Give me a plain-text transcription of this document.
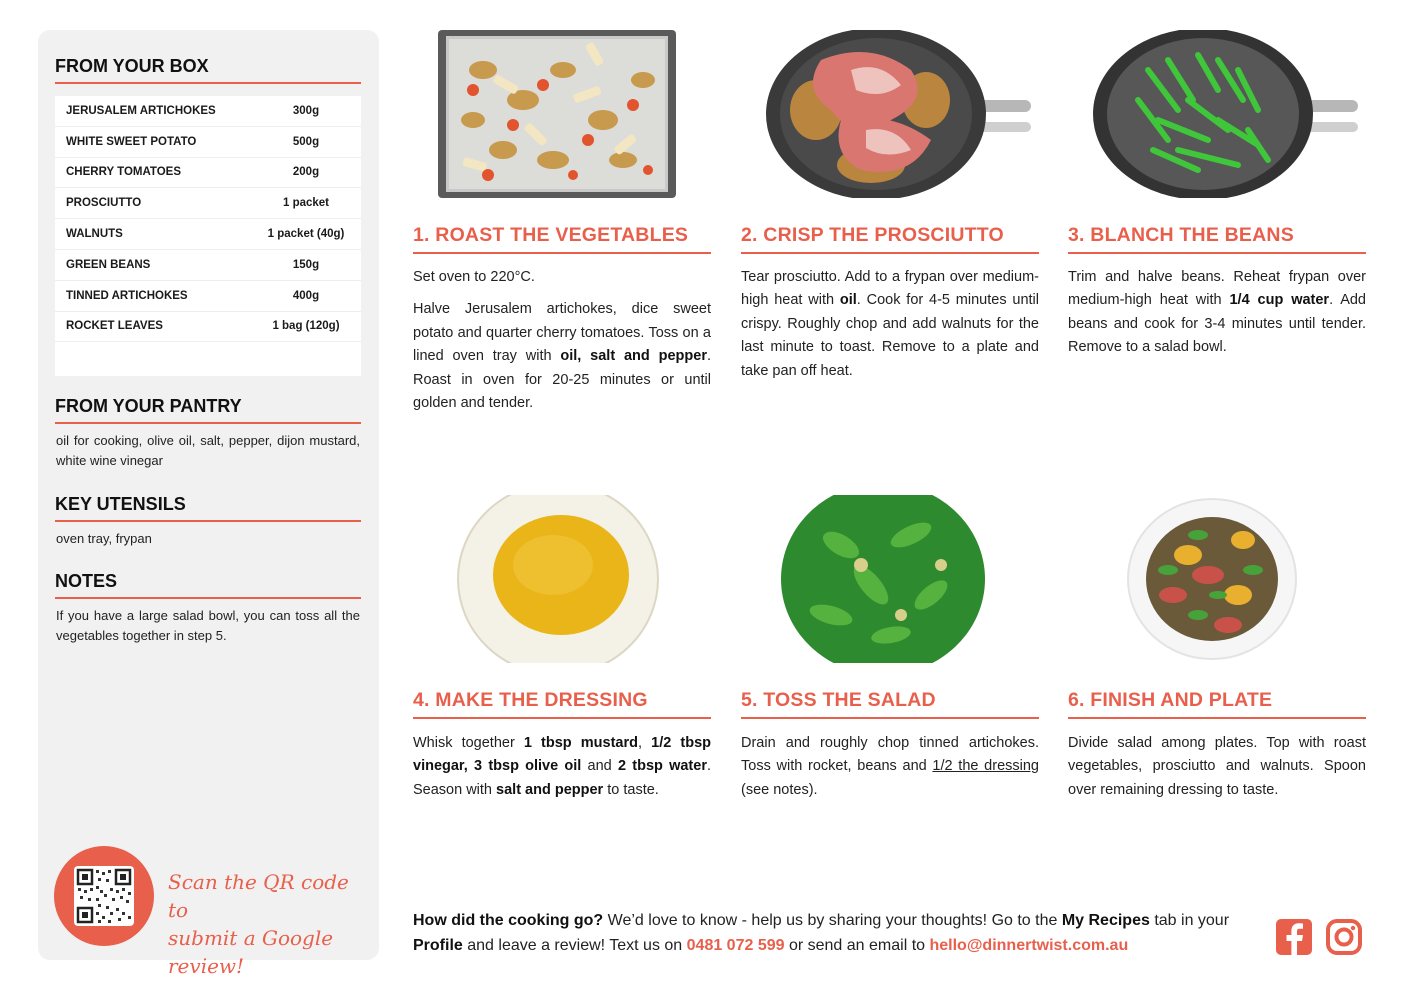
FROM YOUR BOX
JERUSALEM ARTICHOKES	300g
WHITE SWEET POTATO	500g
CHERRY TOMATOES	200g
PROSCIUTTO	1 packet
WALNUTS	1 packet (40g)
GREEN BEANS	150g
TINNED ARTICHOKES	400g
ROCKET LEAVES	1 bag (120g)
FROM YOUR PANTRY
oil for cooking, olive oil, salt, pepper, dijon mustard, white wine vinegar
KEY UTENSILS
oven tray, frypan
NOTES
If you have a large salad bowl, you can toss all the vegetables together in step 5.
Scan the QR code to
submit a Google review!
1. ROAST THE VEGETABLES	2. CRISP THE PROSCIUTTO	3. BLANCH THE BEANS
4. MAKE THE DRESSING	5. TOSS THE SALAD	6. FINISH AND PLATE

Set oven to 220°C.

Halve Jerusalem artichokes, dice sweet potato and quarter cherry tomatoes. Toss on a lined oven tray with oil, salt and pepper. Roast in oven for 20-25 minutes or until golden and tender.

Tear prosciutto. Add to a frypan over medium-high heat with oil. Cook for 4-5 minutes until crispy. Roughly chop and add walnuts for the last minute to toast. Remove to a plate and take pan off heat.

Trim and halve beans. Reheat frypan over medium-high heat with 1/4 cup water. Add beans and cook for 3-4 minutes until tender. Remove to a salad bowl.

Whisk together 1 tbsp mustard, 1/2 tbsp vinegar, 3 tbsp olive oil and 2 tbsp water. Season with salt and pepper to taste.

Drain and roughly chop tinned artichokes. Toss with rocket, beans and 1/2 the dressing (see notes).

Divide salad among plates. Top with roast vegetables, prosciutto and walnuts. Spoon over remaining dressing to taste.

How did the cooking go? We’d love to know - help us by sharing your thoughts! Go to the My Recipes tab in your Profile and leave a review! Text us on 0481 072 599 or send an email to hello@dinnertwist.com.au
